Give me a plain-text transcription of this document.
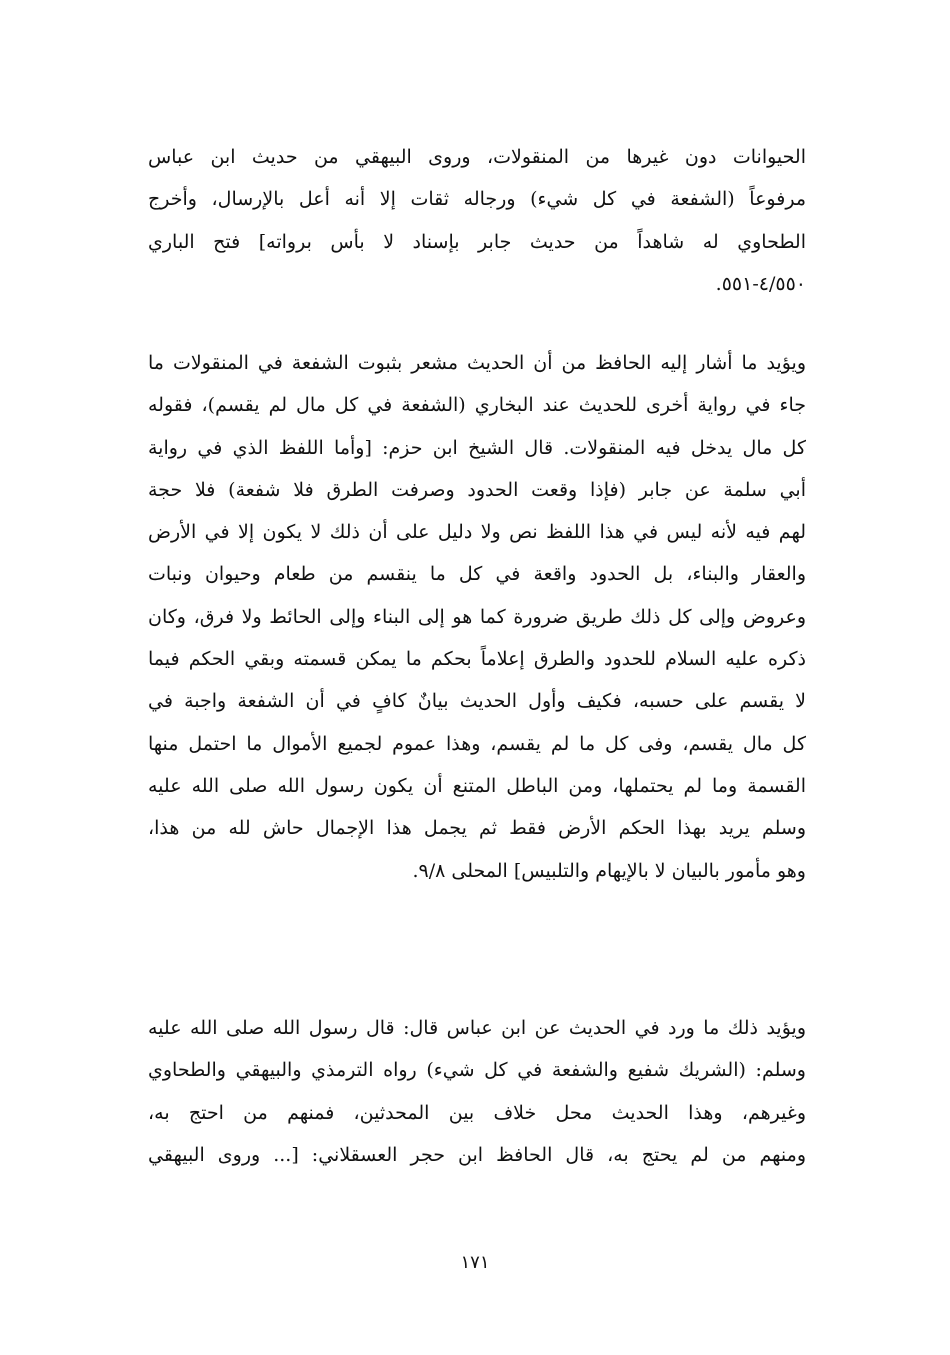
الحيوانات دون غيرها من المنقولات، وروى البيهقي من حديث ابن عباس
مرفوعاً (الشفعة في كل شيء) ورجاله ثقات إلا أنه أعل بالإرسال، وأخرج
الطحاوي له شاهداً من حديث جابر بإسناد لا بأس برواته] فتح الباري
٤/٥٥٠-٥٥١.
ويؤيد ما أشار إليه الحافظ من أن الحديث مشعر بثبوت الشفعة في المنقولات ما
جاء في رواية أخرى للحديث عند البخاري (الشفعة في كل مال لم يقسم)، فقوله
كل مال يدخل فيه المنقولات. قال الشيخ ابن حزم: [وأما اللفظ الذي في رواية
أبي سلمة عن جابر (فإذا وقعت الحدود وصرفت الطرق فلا شفعة) فلا حجة
لهم فيه لأنه ليس في هذا اللفظ نص ولا دليل على أن ذلك لا يكون إلا في الأرض
والعقار والبناء، بل الحدود واقعة في كل ما ينقسم من طعام وحيوان ونبات
وعروض وإلى كل ذلك طريق ضرورة كما هو إلى البناء وإلى الحائط ولا فرق، وكان
ذكره عليه السلام للحدود والطرق إعلاماً بحكم ما يمكن قسمته وبقي الحكم فيما
لا يقسم على حسبه، فكيف وأول الحديث بيانٌ كافٍ في أن الشفعة واجبة في
كل مال يقسم، وفى كل ما لم يقسم، وهذا عموم لجميع الأموال ما احتمل منها
القسمة وما لم يحتملها، ومن الباطل المتنع أن يكون رسول الله صلى الله عليه
وسلم يريد بهذا الحكم الأرض فقط ثم يجمل هذا الإجمال حاش لله من هذا،
وهو مأمور بالبيان لا بالإيهام والتلبيس] المحلى ٩/٨.
ويؤيد ذلك ما ورد في الحديث عن ابن عباس قال: قال رسول الله صلى الله عليه
وسلم: (الشريك شفيع والشفعة في كل شيء) رواه الترمذي والبيهقي والطحاوي
وغيرهم، وهذا الحديث محل خلاف بين المحدثين، فمنهم من احتج به،
ومنهم من لم يحتج به، قال الحافظ ابن حجر العسقلاني: [... وروى البيهقي
١٧١
